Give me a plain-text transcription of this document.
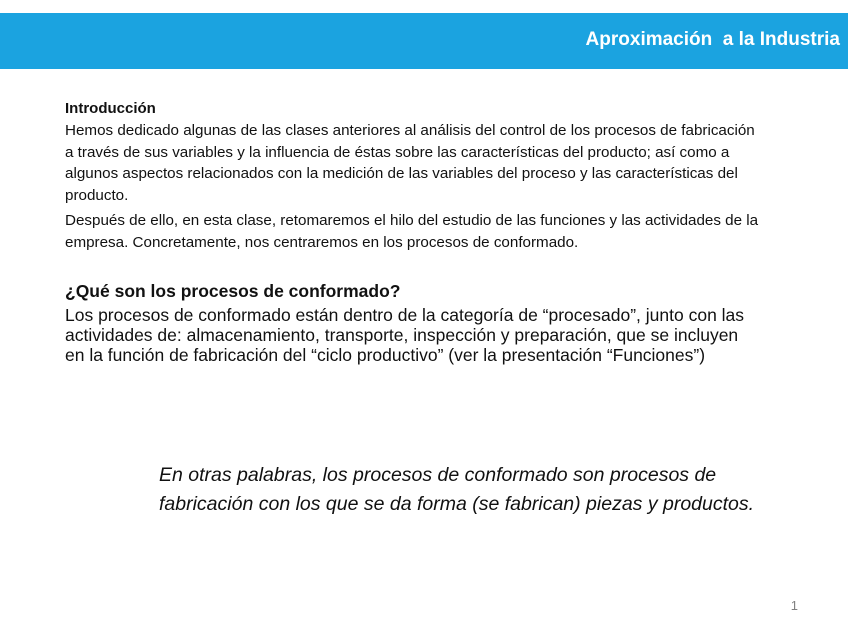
Aproximación  a la Industria

Introducción

Hemos dedicado algunas de las clases anteriores al análisis del control de los procesos de fabricación a través de sus variables y la influencia de éstas sobre las características del producto; así como a algunos aspectos relacionados con la medición de las variables del proceso y las características del producto.

Después de ello, en esta clase, retomaremos el hilo del estudio de las funciones y las actividades de la empresa. Concretamente, nos centraremos en los procesos de conformado.

¿Qué son los procesos de conformado?

Los procesos de conformado están dentro de la categoría de “procesado”, junto con las actividades de: almacenamiento, transporte, inspección y preparación, que se incluyen en la función de fabricación del “ciclo productivo” (ver la presentación “Funciones”)

En otras palabras, los procesos de conformado son procesos de fabricación con los que se da forma (se fabrican) piezas y productos.

1
